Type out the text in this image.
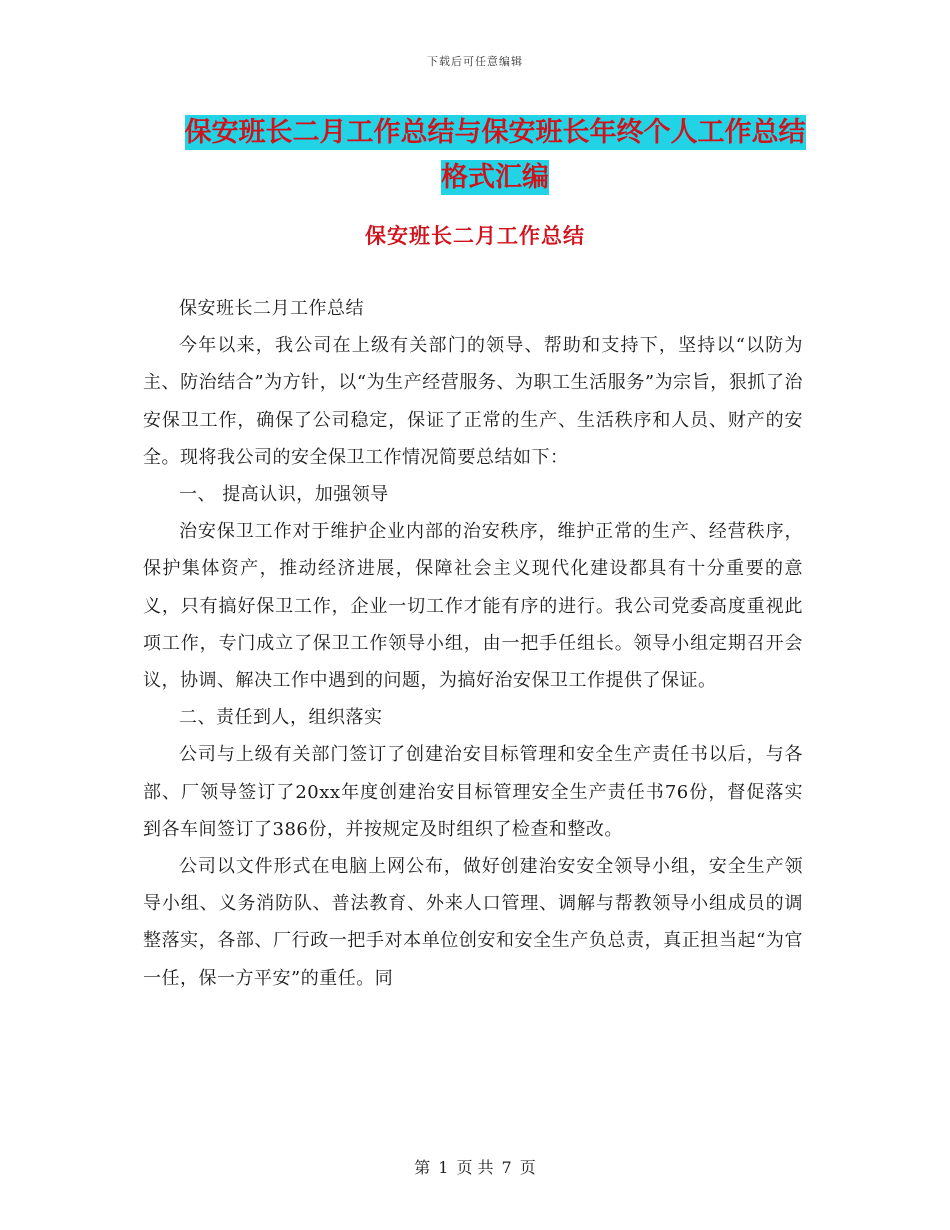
下载后可任意编辑
保安班长二月工作总结与保安班长年终个人工作总结
格式汇编
保安班长二月工作总结

保安班长二月工作总结

今年以来，我公司在上级有关部门的领导、帮助和支持下，坚持以“以防为主、防治结合”为方针，以“为生产经营服务、为职工生活服务”为宗旨，狠抓了治安保卫工作，确保了公司稳定，保证了正常的生产、生活秩序和人员、财产的安全。现将我公司的安全保卫工作情况简要总结如下：

一、 提高认识，加强领导

治安保卫工作对于维护企业内部的治安秩序，维护正常的生产、经营秩序，保护集体资产，推动经济进展，保障社会主义现代化建设都具有十分重要的意义，只有搞好保卫工作，企业一切工作才能有序的进行。我公司党委高度重视此项工作，专门成立了保卫工作领导小组，由一把手任组长。领导小组定期召开会议，协调、解决工作中遇到的问题，为搞好治安保卫工作提供了保证。

二、责任到人，组织落实

公司与上级有关部门签订了创建治安目标管理和安全生产责任书以后，与各部、厂领导签订了20xx年度创建治安目标管理安全生产责任书76份，督促落实到各车间签订了386份，并按规定及时组织了检查和整改。

公司以文件形式在电脑上网公布，做好创建治安安全领导小组，安全生产领导小组、义务消防队、普法教育、外来人口管理、调解与帮教领导小组成员的调整落实，各部、厂行政一把手对本单位创安和安全生产负总责，真正担当起“为官一任，保一方平安”的重任。同

第 1 页 共 7 页
